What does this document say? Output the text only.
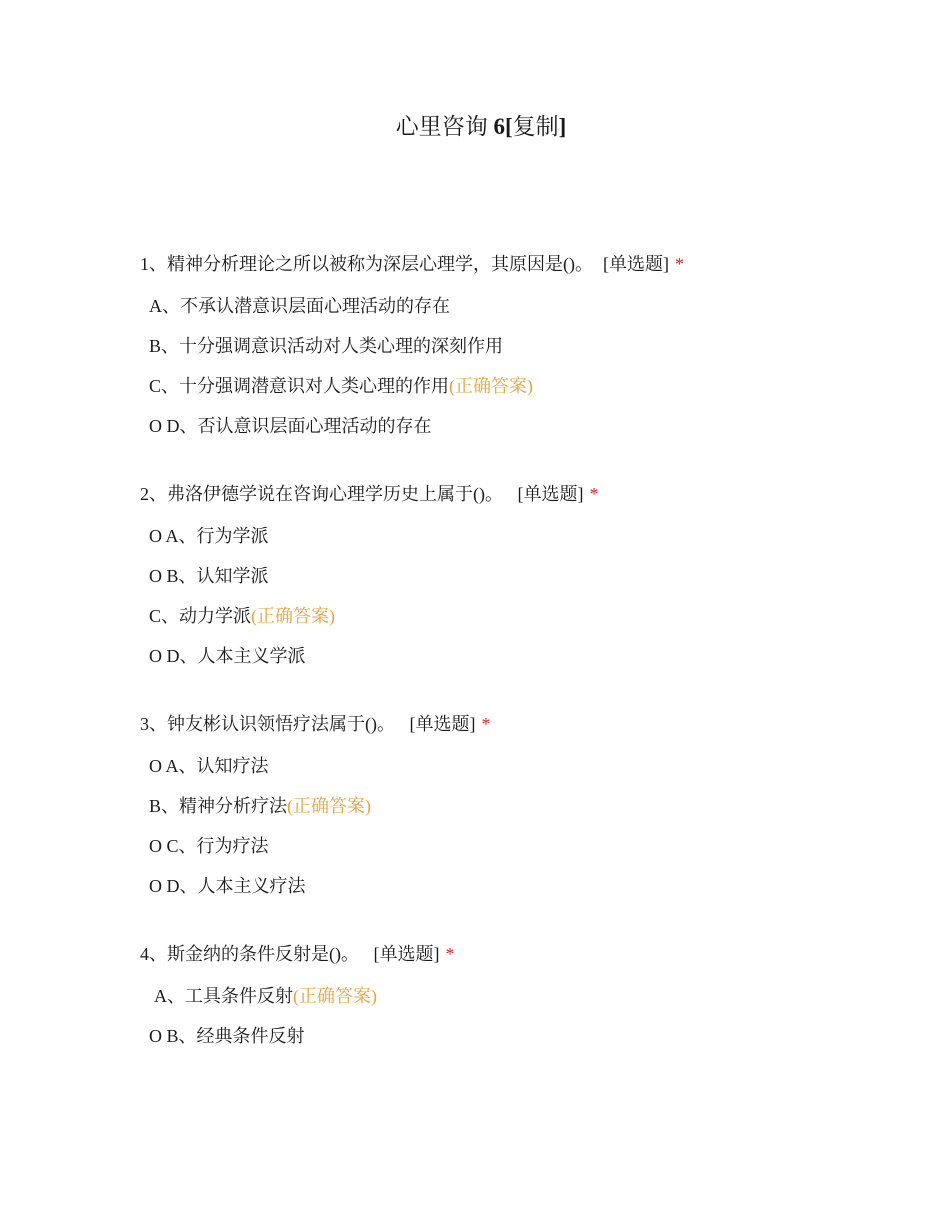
心里咨询 6[复制]
1、精神分析理论之所以被称为深层心理学，其原因是()。 [单选题] *
A、不承认潜意识层面心理活动的存在
B、十分强调意识活动对人类心理的深刻作用
C、十分强调潜意识对人类心理的作用(正确答案)
O D、否认意识层面心理活动的存在
2、弗洛伊德学说在咨询心理学历史上属于()。 [单选题] *
O A、行为学派
O B、认知学派
C、动力学派(正确答案)
O D、人本主义学派
3、钟友彬认识领悟疗法属于()。 [单选题] *
O A、认知疗法
B、精神分析疗法(正确答案)
O C、行为疗法
O D、人本主义疗法
4、斯金纳的条件反射是()。 [单选题] *
A、工具条件反射(正确答案)
O B、经典条件反射
